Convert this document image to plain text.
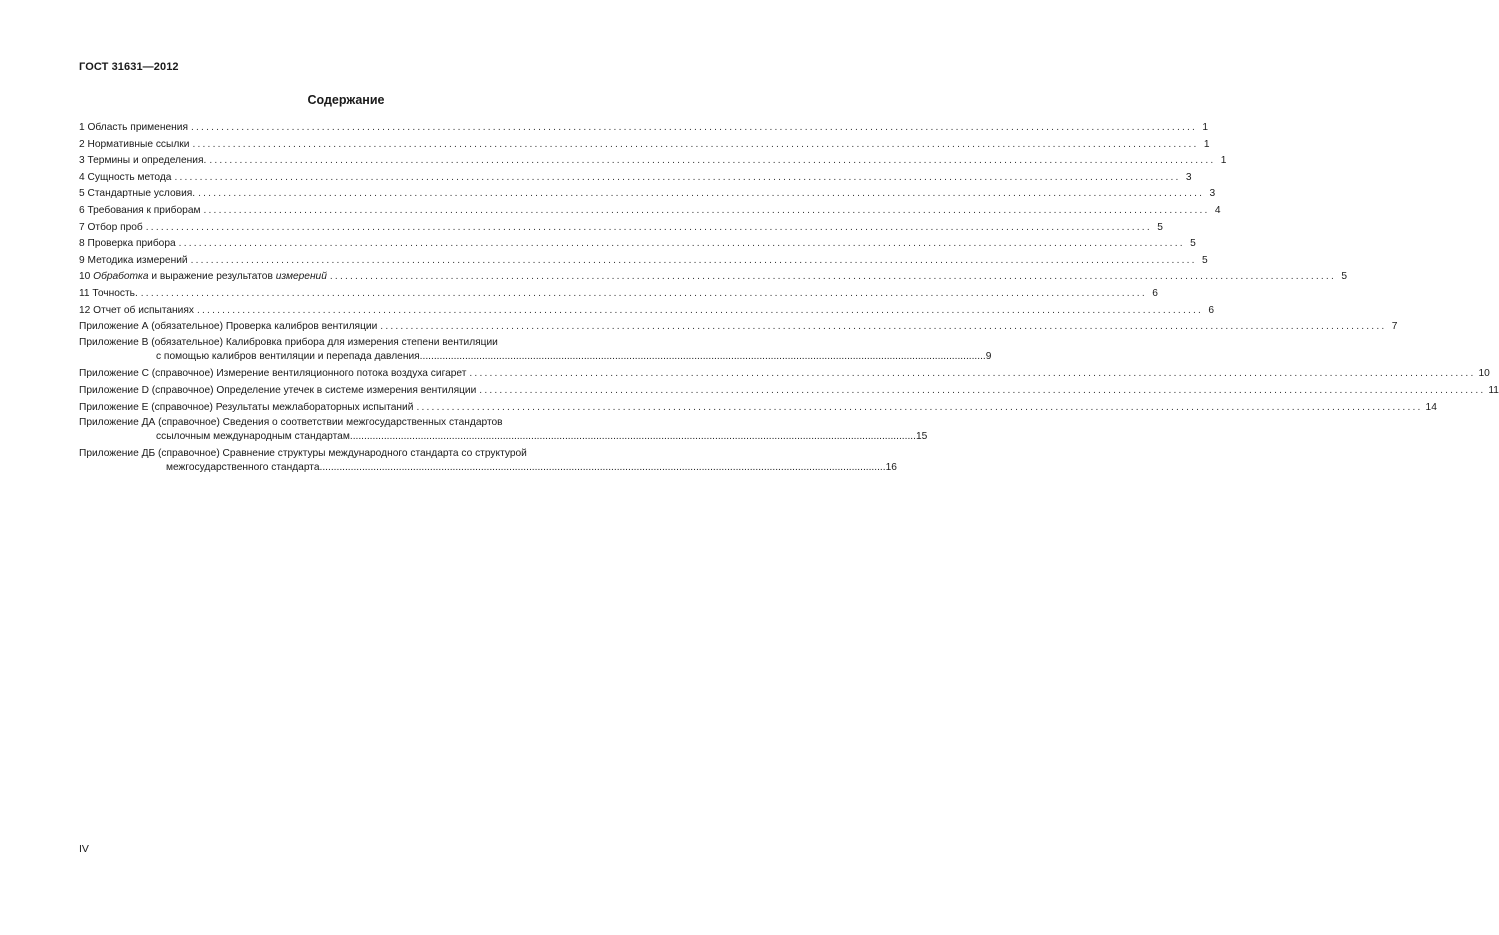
ГОСТ 31631—2012
Содержание
1 Область применения ........................................................................................................................................................................................................ 1
2 Нормативные ссылки ........................................................................................................................................................................................................ 1
3 Термины и определения. ........................................................................................................................................................................................................ 1
4 Сущность метода ........................................................................................................................................................................................................ 3
5 Стандартные условия. ........................................................................................................................................................................................................ 3
6 Требования к приборам ........................................................................................................................................................................................................ 4
7 Отбор проб ........................................................................................................................................................................................................ 5
8 Проверка прибора ........................................................................................................................................................................................................ 5
9 Методика измерений ........................................................................................................................................................................................................ 5
10 Обработка и выражение результатов измерений ........................................................................................................................................................................................................ 5
11 Точность. ........................................................................................................................................................................................................ 6
12 Отчет об испытаниях ........................................................................................................................................................................................................ 6
Приложение А (обязательное) Проверка калибров вентиляции ........................................................................................................................................................................................................ 7
Приложение В (обязательное) Калибровка прибора для измерения степени вентиляции
с помощью калибров вентиляции и перепада давления ........................................................................................................................................................................................................ 9
Приложение С (справочное) Измерение вентиляционного потока воздуха сигарет ........................................................................................................................................................................................................ 10
Приложение D (справочное) Определение утечек в системе измерения вентиляции ........................................................................................................................................................................................................ 11
Приложение Е (справочное) Результаты межлабораторных испытаний ........................................................................................................................................................................................................ 14
Приложение ДА (справочное) Сведения о соответствии межгосударственных стандартов
ссылочным международным стандартам ........................................................................................................................................................................................................ 15
Приложение ДБ (справочное) Сравнение структуры международного стандарта со структурой
межгосударственного стандарта ........................................................................................................................................................................................................ 16
IV
